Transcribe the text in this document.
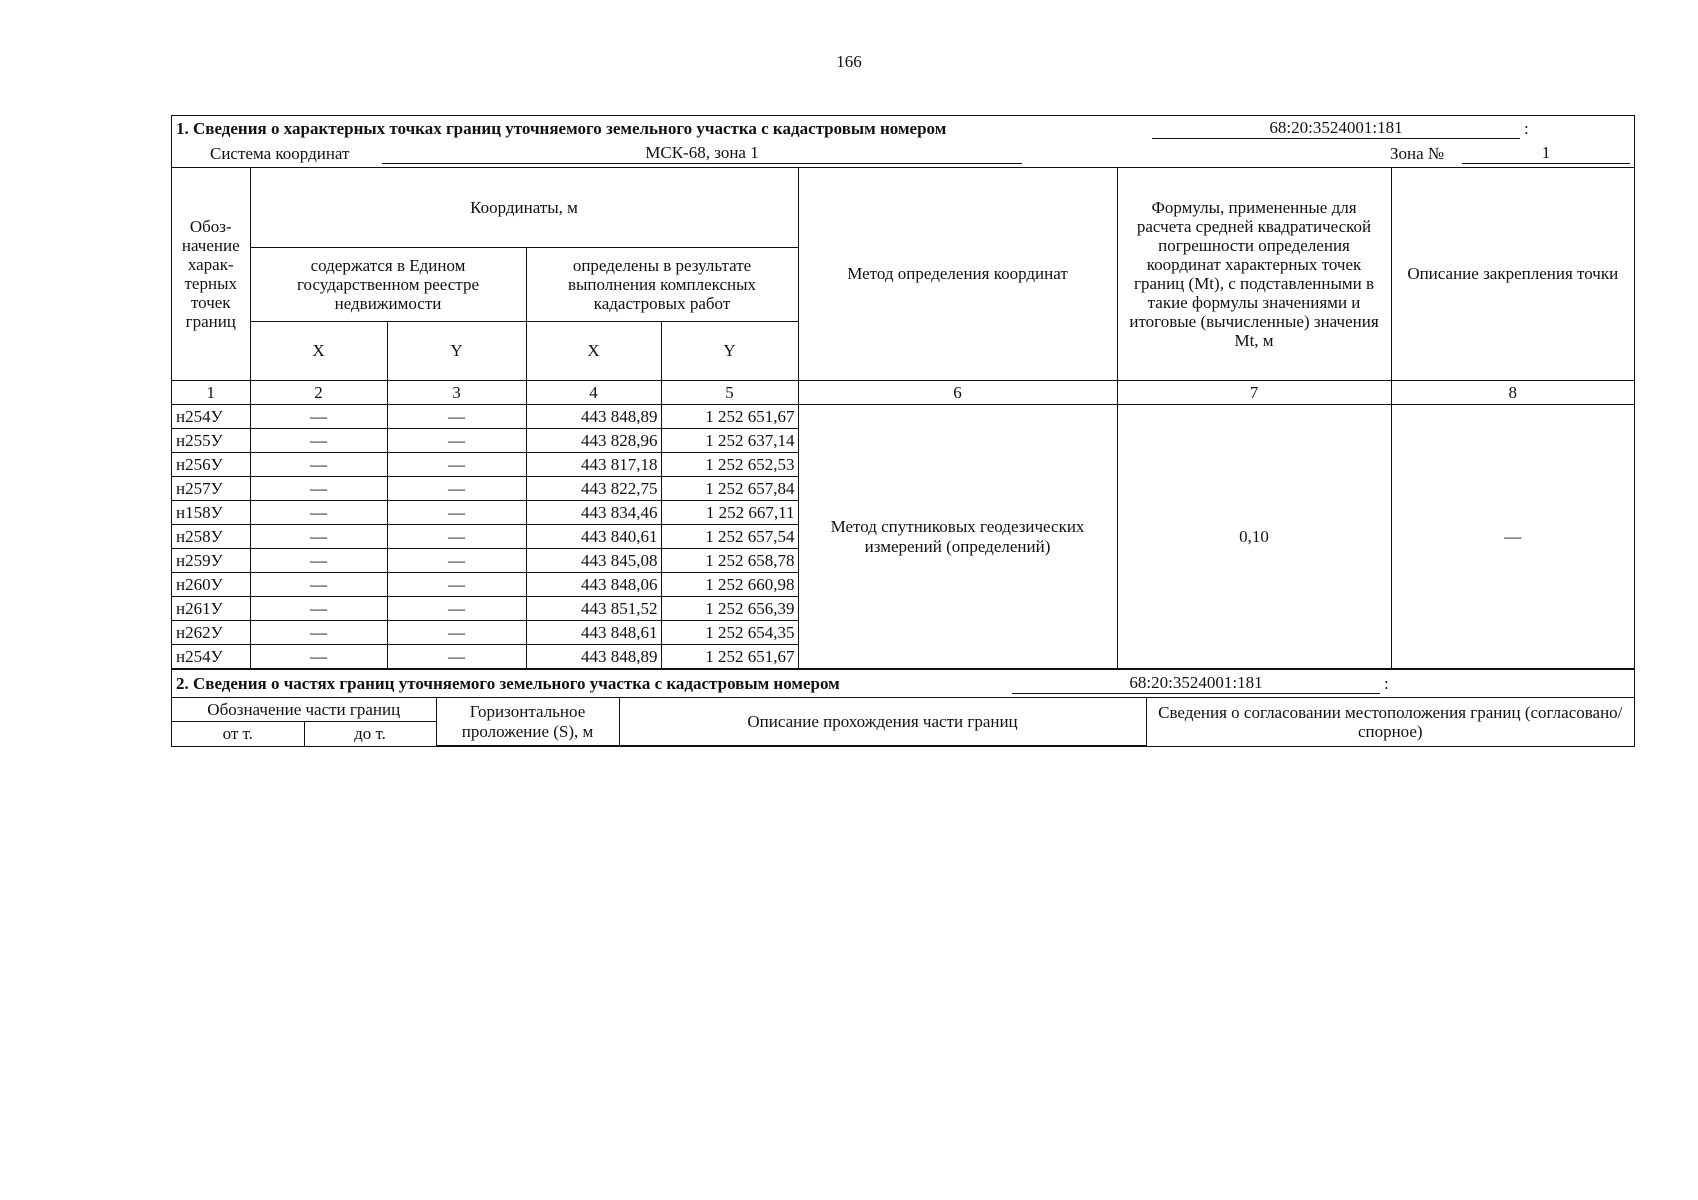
166
1. Сведения о характерных точках границ уточняемого земельного участка с кадастровым номером	68:20:3524001:181	:
Система координат	МСК-68, зона 1	Зона №	1
Обоз-начение харак-терных точек границ	Координаты, м				Метод определения координат	Формулы, примененные для расчета средней квадратической погрешности определения координат характерных точек границ (Mt), с подставленными в такие формулы значениями и итоговые (вычисленные) значения Mt, м	Описание закрепления точки
	содержатся в Едином государственном реестре недвижимости		определены в результате выполнения комплексных кадастровых работ				
	X	Y	X	Y			
1	2	3	4	5	6	7	8
н254У	—	—	443 848,89	1 252 651,67	Метод спутниковых геодезических измерений (определений)	0,10	—
н255У	—	—	443 828,96	1 252 637,14			
н256У	—	—	443 817,18	1 252 652,53			
н257У	—	—	443 822,75	1 252 657,84			
н158У	—	—	443 834,46	1 252 667,11			
н258У	—	—	443 840,61	1 252 657,54			
н259У	—	—	443 845,08	1 252 658,78			
н260У	—	—	443 848,06	1 252 660,98			
н261У	—	—	443 851,52	1 252 656,39			
н262У	—	—	443 848,61	1 252 654,35			
н254У	—	—	443 848,89	1 252 651,67			
2. Сведения о частях границ уточняемого земельного участка с кадастровым номером	68:20:3524001:181	:
Обозначение части границ		Горизонтальное проложение (S), м	Описание прохождения части границ	Сведения о согласовании местоположения границ (согласовано/спорное)
от т.	до т.			
